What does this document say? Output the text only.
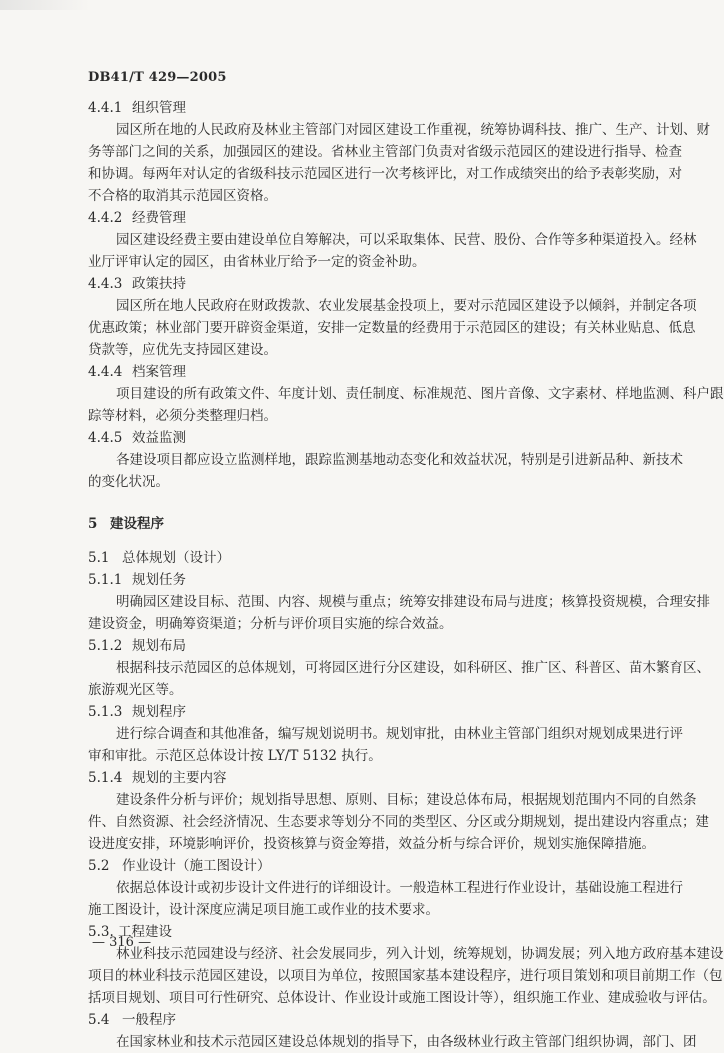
DB41/T 429—2005
4.4.1 组织管理
园区所在地的人民政府及林业主管部门对园区建设工作重视，统筹协调科技、推广、生产、计划、财
务等部门之间的关系，加强园区的建设。省林业主管部门负责对省级示范园区的建设进行指导、检查
和协调。每两年对认定的省级科技示范园区进行一次考核评比，对工作成绩突出的给予表彰奖励，对
不合格的取消其示范园区资格。
4.4.2 经费管理
园区建设经费主要由建设单位自筹解决，可以采取集体、民营、股份、合作等多种渠道投入。经林
业厅评审认定的园区，由省林业厅给予一定的资金补助。
4.4.3 政策扶持
园区所在地人民政府在财政拨款、农业发展基金投项上，要对示范园区建设予以倾斜，并制定各项
优惠政策；林业部门要开辟资金渠道，安排一定数量的经费用于示范园区的建设；有关林业贴息、低息
贷款等，应优先支持园区建设。
4.4.4 档案管理
项目建设的所有政策文件、年度计划、责任制度、标准规范、图片音像、文字素材、样地监测、科户跟
踪等材料，必须分类整理归档。
4.4.5 效益监测
各建设项目都应设立监测样地，跟踪监测基地动态变化和效益状况，特别是引进新品种、新技术
的变化状况。
5 建设程序
5.1 总体规划（设计）
5.1.1 规划任务
明确园区建设目标、范围、内容、规模与重点；统筹安排建设布局与进度；核算投资规模，合理安排
建设资金，明确筹资渠道；分析与评价项目实施的综合效益。
5.1.2 规划布局
根据科技示范园区的总体规划，可将园区进行分区建设，如科研区、推广区、科普区、苗木繁育区、
旅游观光区等。
5.1.3 规划程序
进行综合调查和其他准备，编写规划说明书。规划审批，由林业主管部门组织对规划成果进行评
审和审批。示范区总体设计按 LY/T 5132 执行。
5.1.4 规划的主要内容
建设条件分析与评价；规划指导思想、原则、目标；建设总体布局，根据规划范围内不同的自然条
件、自然资源、社会经济情况、生态要求等划分不同的类型区、分区或分期规划，提出建设内容重点；建
设进度安排，环境影响评价，投资核算与资金筹措，效益分析与综合评价，规划实施保障措施。
5.2 作业设计（施工图设计）
依据总体设计或初步设计文件进行的详细设计。一般造林工程进行作业设计，基础设施工程进行
施工图设计，设计深度应满足项目施工或作业的技术要求。
5.3. 工程建设
林业科技示范园建设与经济、社会发展同步，列入计划，统筹规划，协调发展；列入地方政府基本建设
项目的林业科技示范园区建设，以项目为单位，按照国家基本建设程序，进行项目策划和项目前期工作（包
括项目规划、项目可行性研究、总体设计、作业设计或施工图设计等），组织施工作业、建成验收与评估。
5.4 一般程序
在国家林业和技术示范园区建设总体规划的指导下，由各级林业行政主管部门组织协调，部门、团
— 316 —
